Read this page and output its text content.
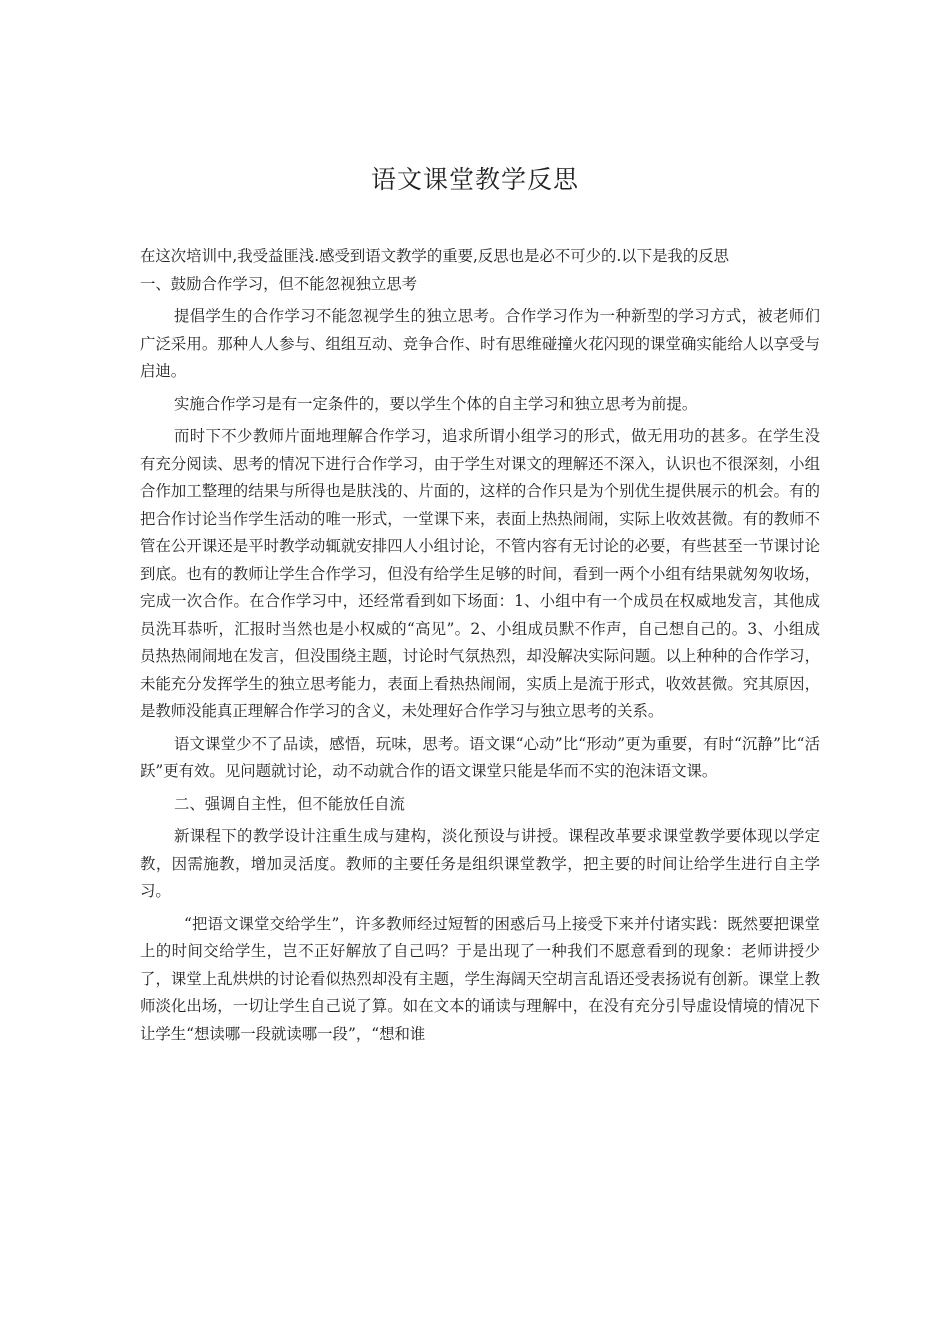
语文课堂教学反思

在这次培训中,我受益匪浅.感受到语文教学的重要,反思也是必不可少的.以下是我的反思

一、鼓励合作学习，但不能忽视独立思考

提倡学生的合作学习不能忽视学生的独立思考。合作学习作为一种新型的学习方式，被老师们广泛采用。那种人人参与、组组互动、竞争合作、时有思维碰撞火花闪现的课堂确实能给人以享受与启迪。

实施合作学习是有一定条件的，要以学生个体的自主学习和独立思考为前提。

而时下不少教师片面地理解合作学习，追求所谓小组学习的形式，做无用功的甚多。在学生没有充分阅读、思考的情况下进行合作学习，由于学生对课文的理解还不深入，认识也不很深刻，小组合作加工整理的结果与所得也是肤浅的、片面的，这样的合作只是为个别优生提供展示的机会。有的把合作讨论当作学生活动的唯一形式，一堂课下来，表面上热热闹闹，实际上收效甚微。有的教师不管在公开课还是平时教学动辄就安排四人小组讨论，不管内容有无讨论的必要，有些甚至一节课讨论到底。也有的教师让学生合作学习，但没有给学生足够的时间，看到一两个小组有结果就匆匆收场，完成一次合作。在合作学习中，还经常看到如下场面：1、小组中有一个成员在权威地发言，其他成员洗耳恭听，汇报时当然也是小权威的“高见”。2、小组成员默不作声，自己想自己的。3、小组成员热热闹闹地在发言，但没围绕主题，讨论时气氛热烈，却没解决实际问题。以上种种的合作学习，未能充分发挥学生的独立思考能力，表面上看热热闹闹，实质上是流于形式，收效甚微。究其原因，是教师没能真正理解合作学习的含义，未处理好合作学习与独立思考的关系。

语文课堂少不了品读，感悟，玩味，思考。语文课“心动”比“形动”更为重要，有时“沉静”比“活跃”更有效。见问题就讨论，动不动就合作的语文课堂只能是华而不实的泡沫语文课。

二、强调自主性，但不能放任自流

新课程下的教学设计注重生成与建构，淡化预设与讲授。课程改革要求课堂教学要体现以学定教，因需施教，增加灵活度。教师的主要任务是组织课堂教学，把主要的时间让给学生进行自主学习。

“把语文课堂交给学生”，许多教师经过短暂的困惑后马上接受下来并付诸实践：既然要把课堂上的时间交给学生，岂不正好解放了自己吗？于是出现了一种我们不愿意看到的现象：老师讲授少了，课堂上乱烘烘的讨论看似热烈却没有主题，学生海阔天空胡言乱语还受表扬说有创新。课堂上教师淡化出场，一切让学生自己说了算。如在文本的诵读与理解中，在没有充分引导虚设情境的情况下让学生“想读哪一段就读哪一段”，“想和谁
